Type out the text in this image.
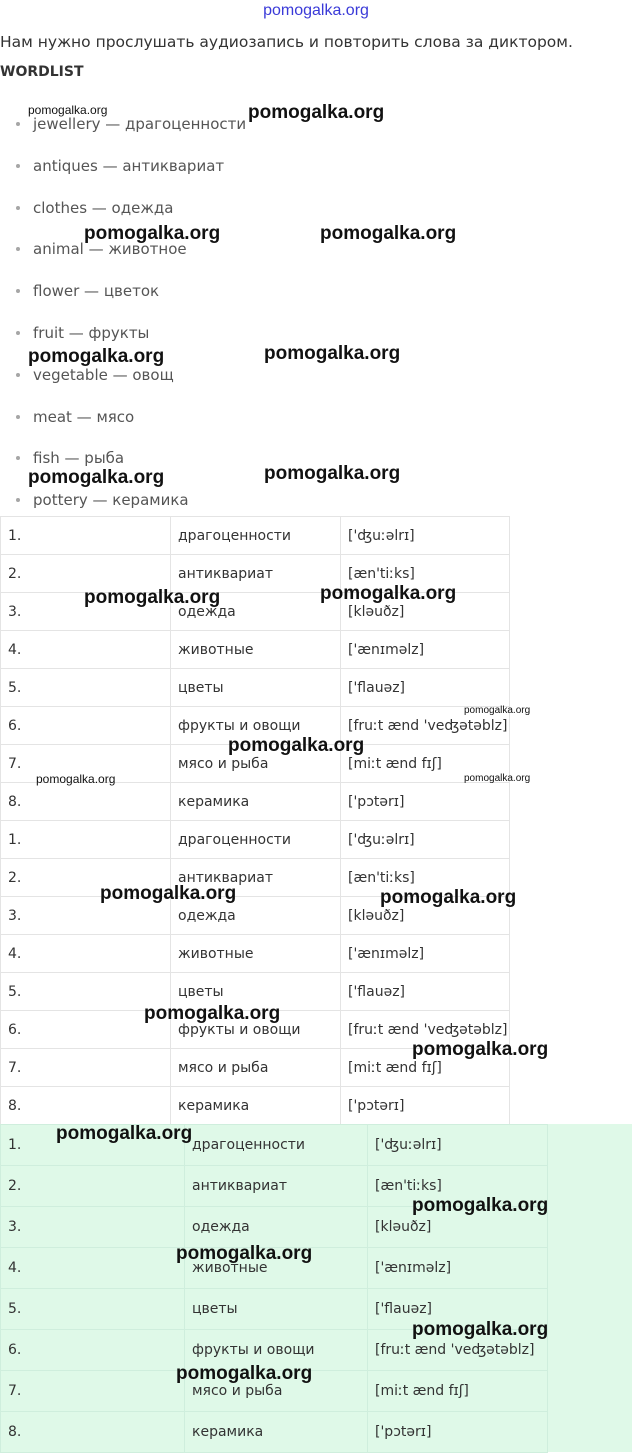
pomogalka.org
Нам нужно прослушать аудиозапись и повторить слова за диктором.
WORDLIST
jewellery — драгоценности
antiques — антиквариат
clothes — одежда
animal — животное
flower — цветок
fruit — фрукты
vegetable — овощ
meat — мясо
fish — рыба
pottery — керамика
1.	драгоценности	['ʤuːəlrɪ]
2.	антиквариат	[æn'tiːks]
3.	одежда	[kləuðz]
4.	животные	['ænɪməlz]
5.	цветы	['flauəz]
6.	фрукты и овощи	[fruːt ænd 'veʤətəblz]
7.	мясо и рыба	[miːt ænd fɪʃ]
8.	керамика	['pɔtərɪ]
1.	драгоценности	['ʤuːəlrɪ]
2.	антиквариат	[æn'tiːks]
3.	одежда	[kləuðz]
4.	животные	['ænɪməlz]
5.	цветы	['flauəz]
6.	фрукты и овощи	[fruːt ænd 'veʤətəblz]
7.	мясо и рыба	[miːt ænd fɪʃ]
8.	керамика	['pɔtərɪ]
1.	драгоценности	['ʤuːəlrɪ]
2.	антиквариат	[æn'tiːks]
3.	одежда	[kləuðz]
4.	животные	['ænɪməlz]
5.	цветы	['flauəz]
6.	фрукты и овощи	[fruːt ænd 'veʤətəblz]
7.	мясо и рыба	[miːt ænd fɪʃ]
8.	керамика	['pɔtərɪ]
pomogalka.org	pomogalka.org
pomogalka.org	pomogalka.org
pomogalka.org	pomogalka.org
pomogalka.org	pomogalka.org
pomogalka.org	pomogalka.org
pomogalka.org
pomogalka.org
pomogalka.org	pomogalka.org
pomogalka.org	pomogalka.org
pomogalka.org
pomogalka.org
pomogalka.org
pomogalka.org
pomogalka.org
pomogalka.org
pomogalka.org
